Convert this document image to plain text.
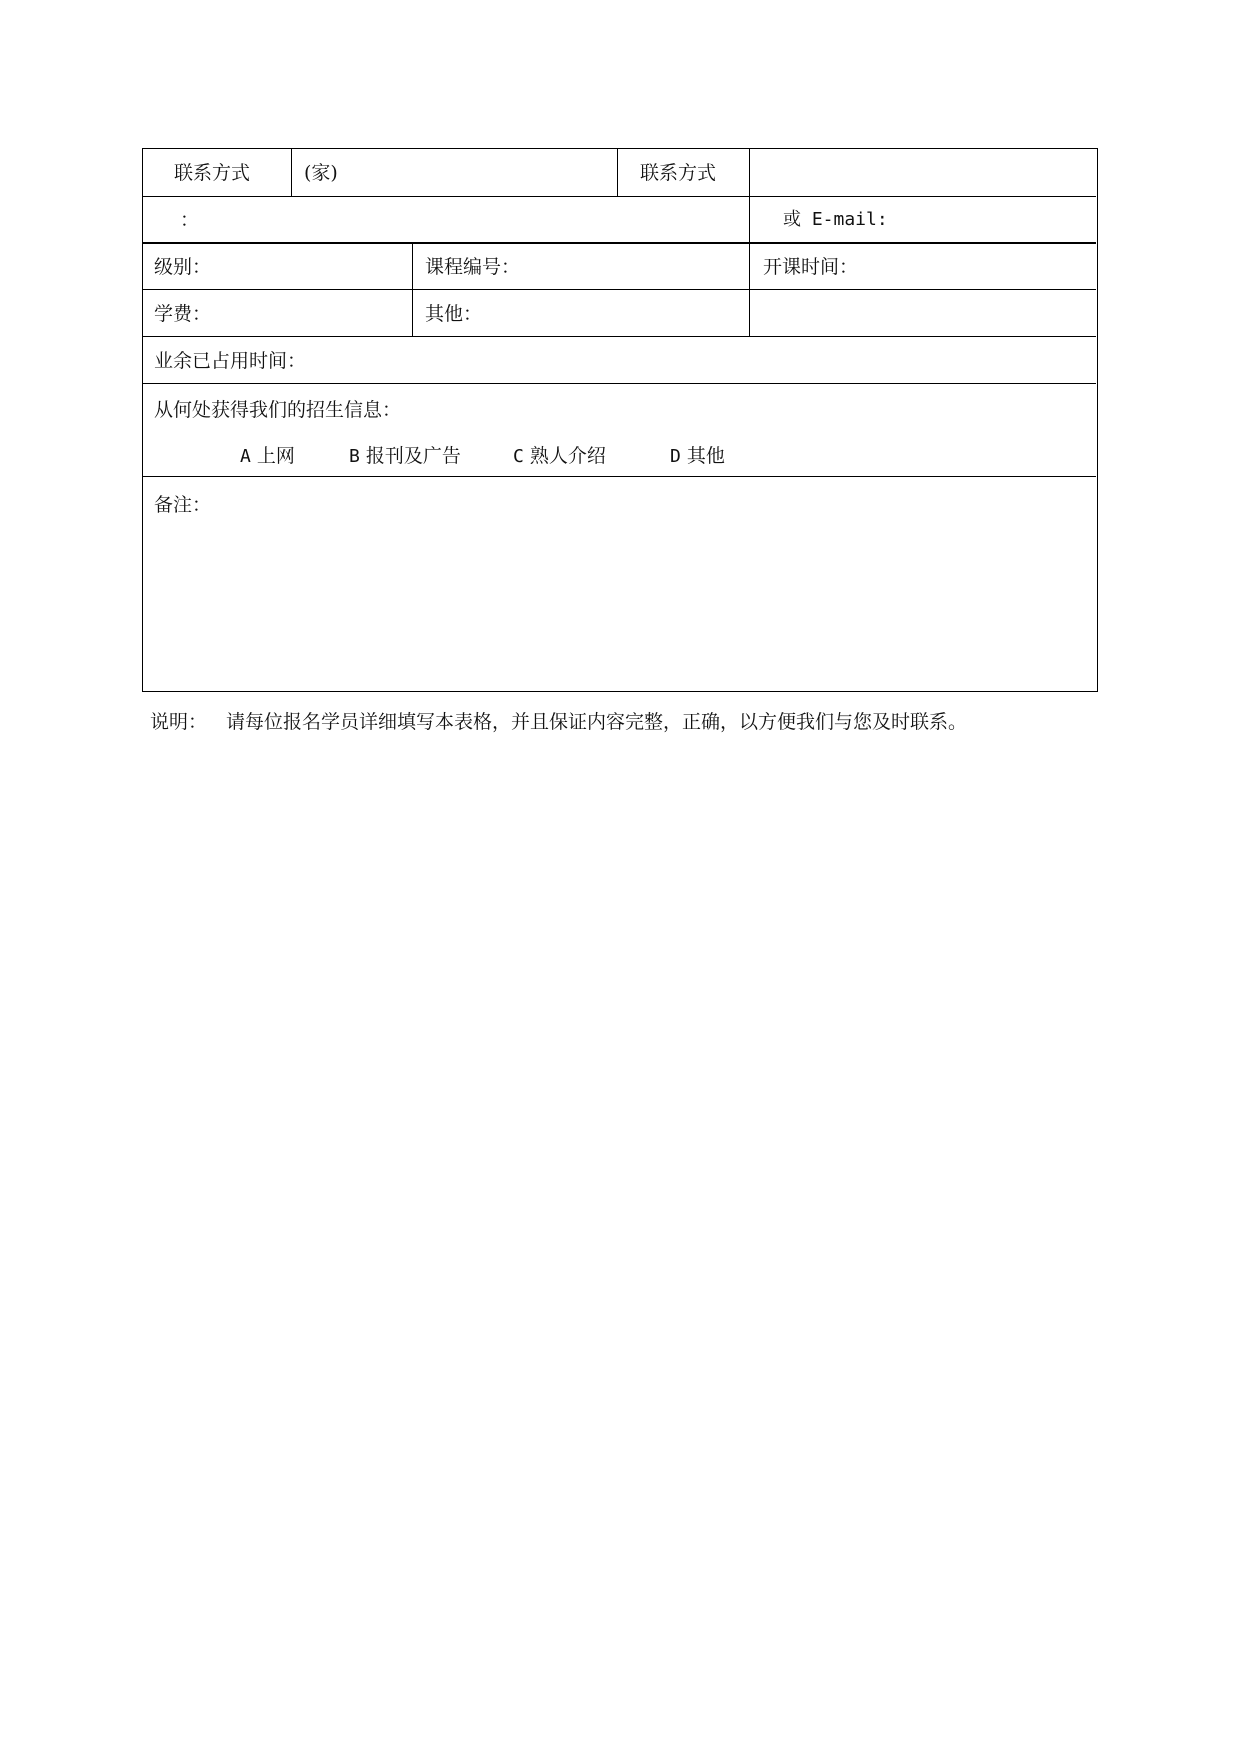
联系方式	(家)	联系方式
：	或 E-mail:
级别：	课程编号：	开课时间：
学费：	其他：
业余已占用时间：
从何处获得我们的招生信息：
A 上网	B 报刊及广告	C 熟人介绍	D 其他
备注：
说明： 请每位报名学员详细填写本表格，并且保证内容完整，正确，以方便我们与您及时联系。
